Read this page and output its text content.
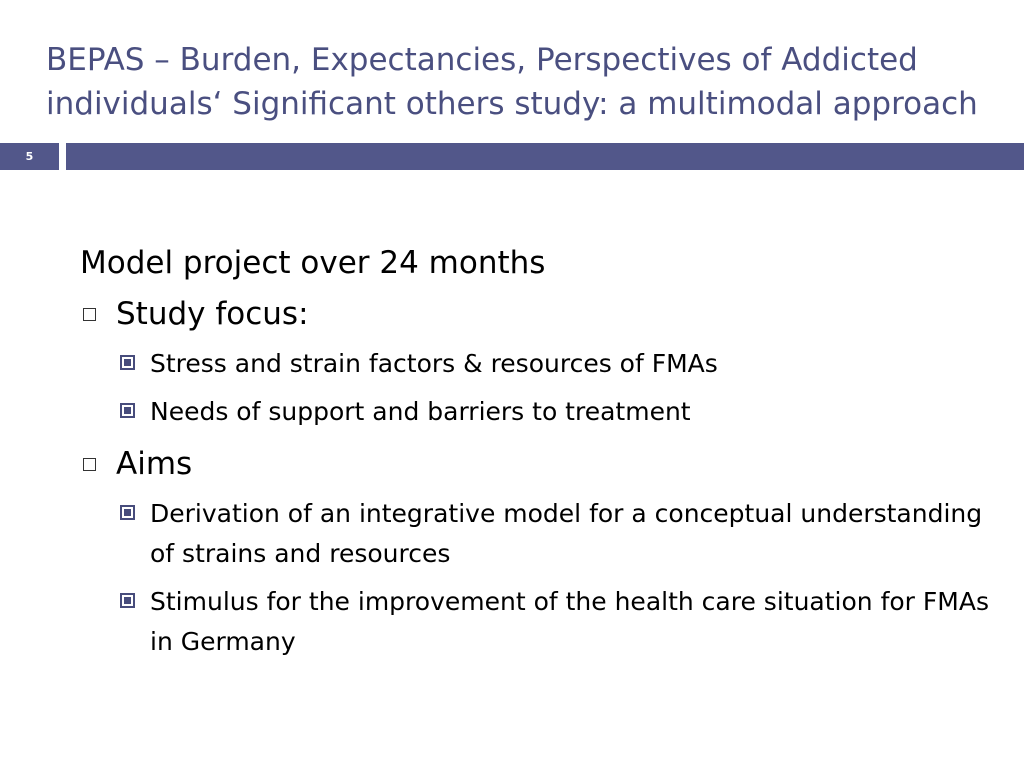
BEPAS – Burden, Expectancies, Perspectives of Addicted
individuals‘ Significant others study: a multimodal approach
5
Model project over 24 months
Study focus:
Stress and strain factors & resources of FMAs
Needs of support and barriers to treatment
Aims
Derivation of an integrative model for a conceptual understanding of strains and resources
Stimulus for the improvement of the health care situation for FMAs in Germany
